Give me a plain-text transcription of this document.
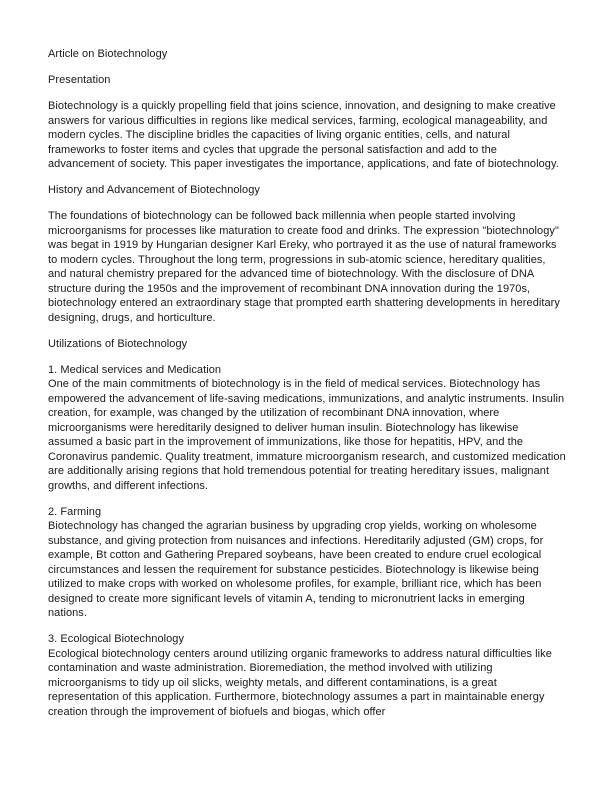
Article on Biotechnology

Presentation

Biotechnology is a quickly propelling field that joins science, innovation, and designing to make creative answers for various difficulties in regions like medical services, farming, ecological manageability, and modern cycles. The discipline bridles the capacities of living organic entities, cells, and natural frameworks to foster items and cycles that upgrade the personal satisfaction and add to the advancement of society. This paper investigates the importance, applications, and fate of biotechnology.

History and Advancement of Biotechnology

The foundations of biotechnology can be followed back millennia when people started involving microorganisms for processes like maturation to create food and drinks. The expression "biotechnology" was begat in 1919 by Hungarian designer Karl Ereky, who portrayed it as the use of natural frameworks to modern cycles. Throughout the long term, progressions in sub-atomic science, hereditary qualities, and natural chemistry prepared for the advanced time of biotechnology. With the disclosure of DNA structure during the 1950s and the improvement of recombinant DNA innovation during the 1970s, biotechnology entered an extraordinary stage that prompted earth shattering developments in hereditary designing, drugs, and horticulture.

Utilizations of Biotechnology

1. Medical services and Medication

One of the main commitments of biotechnology is in the field of medical services. Biotechnology has empowered the advancement of life-saving medications, immunizations, and analytic instruments. Insulin creation, for example, was changed by the utilization of recombinant DNA innovation, where microorganisms were hereditarily designed to deliver human insulin. Biotechnology has likewise assumed a basic part in the improvement of immunizations, like those for hepatitis, HPV, and the Coronavirus pandemic. Quality treatment, immature microorganism research, and customized medication are additionally arising regions that hold tremendous potential for treating hereditary issues, malignant growths, and different infections.

2. Farming

Biotechnology has changed the agrarian business by upgrading crop yields, working on wholesome substance, and giving protection from nuisances and infections. Hereditarily adjusted (GM) crops, for example, Bt cotton and Gathering Prepared soybeans, have been created to endure cruel ecological circumstances and lessen the requirement for substance pesticides. Biotechnology is likewise being utilized to make crops with worked on wholesome profiles, for example, brilliant rice, which has been designed to create more significant levels of vitamin A, tending to micronutrient lacks in emerging nations.

3. Ecological Biotechnology

Ecological biotechnology centers around utilizing organic frameworks to address natural difficulties like contamination and waste administration. Bioremediation, the method involved with utilizing microorganisms to tidy up oil slicks, weighty metals, and different contaminations, is a great representation of this application. Furthermore, biotechnology assumes a part in maintainable energy creation through the improvement of biofuels and biogas, which offer
